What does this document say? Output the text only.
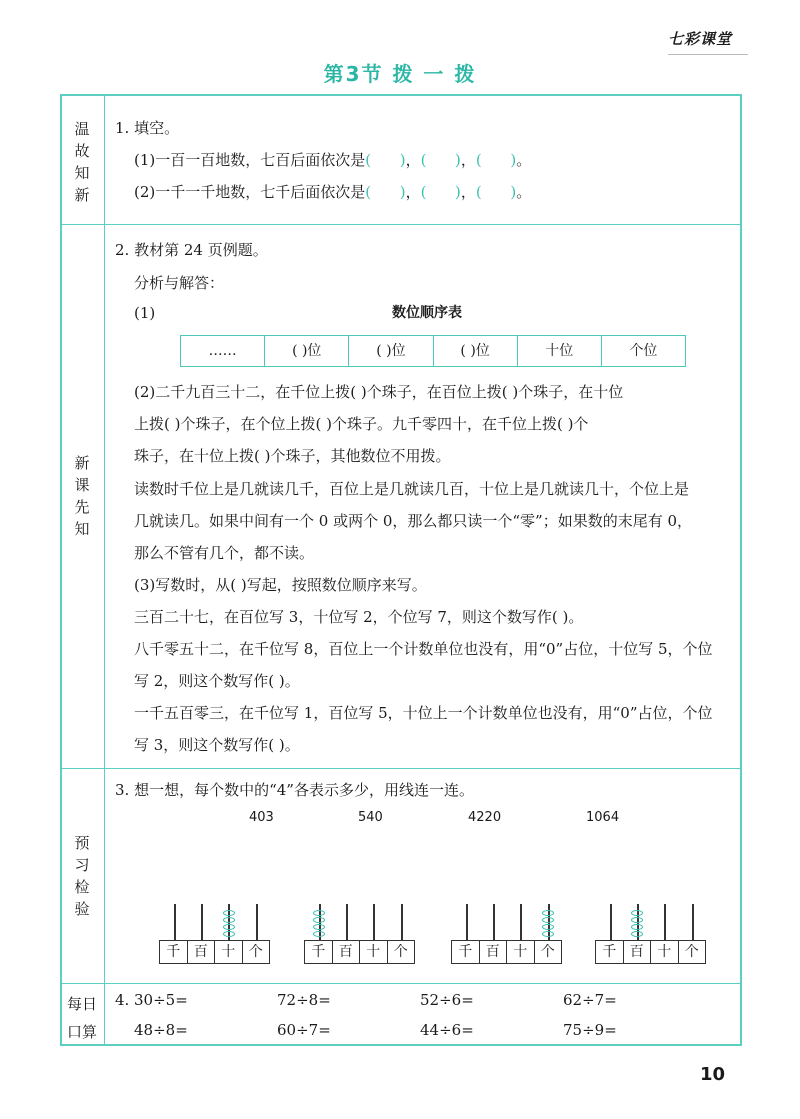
七彩课堂
第3节 拨 一 拨
温
故
知
新
新
课
先
知
预
习
检
验
每日
口算
1. 填空。
(1)一百一百地数，七百后面依次是(      )，(      )，(      )。
(2)一千一千地数，七千后面依次是(      )，(      )，(      )。
2. 教材第 24 页例题。
分析与解答：
(1)	数位顺序表
……	( )位	( )位	( )位	十位	个位
(2)二千九百三十二，在千位上拨( )个珠子，在百位上拨( )个珠子，在十位
上拨( )个珠子，在个位上拨( )个珠子。九千零四十，在千位上拨( )个
珠子，在十位上拨( )个珠子，其他数位不用拨。
读数时千位上是几就读几千，百位上是几就读几百，十位上是几就读几十，个位上是
几就读几。如果中间有一个 0 或两个 0，那么都只读一个“零”；如果数的末尾有 0，
那么不管有几个，都不读。
(3)写数时，从( )写起，按照数位顺序来写。
三百二十七，在百位写 3，十位写 2，个位写 7，则这个数写作( )。
八千零五十二，在千位写 8，百位上一个计数单位也没有，用“0”占位，十位写 5，个位
写 2，则这个数写作( )。
一千五百零三，在千位写 1，百位写 5，十位上一个计数单位也没有，用“0”占位，个位
写 3，则这个数写作( )。
3. 想一想，每个数中的“4”各表示多少，用线连一连。
403	540	4220	1064
千 百 十 个	千 百 十 个	千 百 十 个	千 百 十 个
4. 30÷5=	72÷8=	52÷6=	62÷7=
48÷8=	60÷7=	44÷6=	75÷9=
10
